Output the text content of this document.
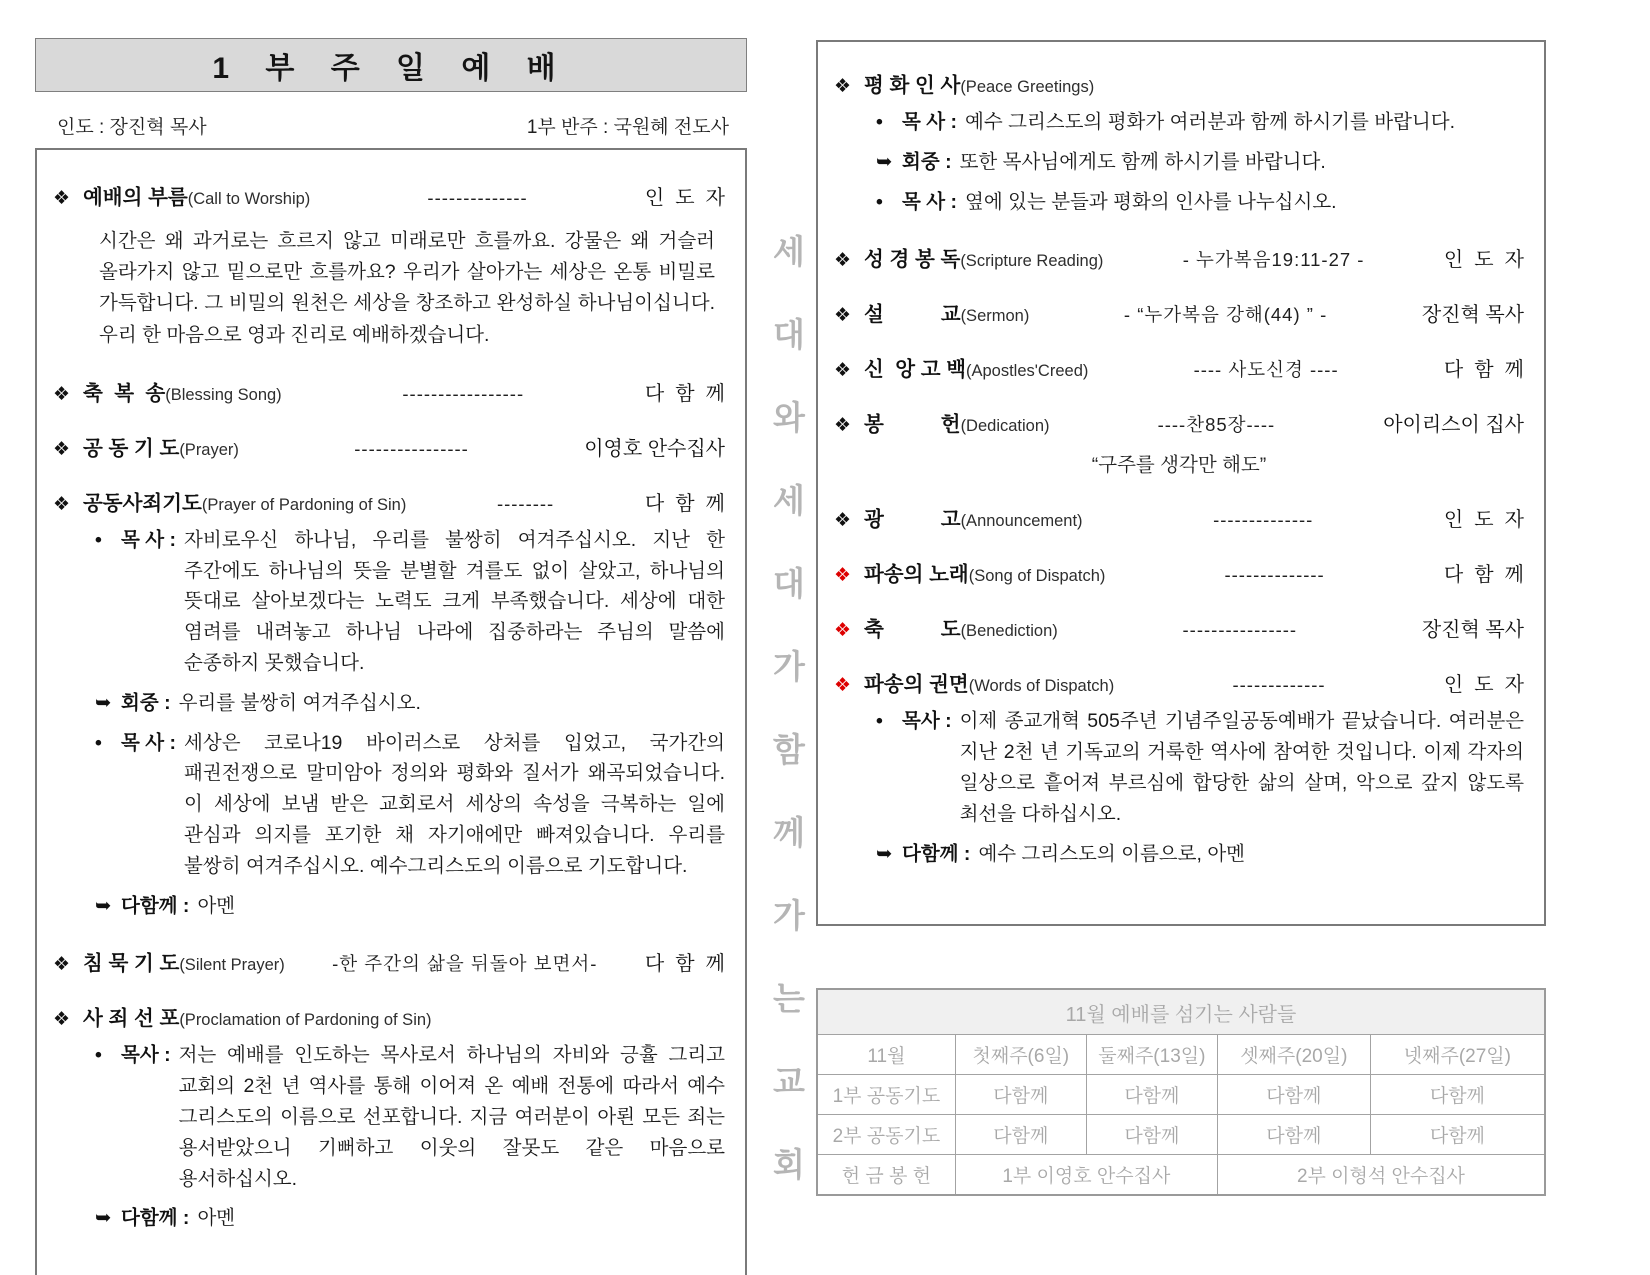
1 부 주 일 예 배
인도 : 장진혁 목사	1부 반주 : 국원혜 전도사
❖ 예배의 부름 (Call to Worship)	--------------	인  도  자
시간은 왜 과거로는 흐르지 않고 미래로만 흐를까요. 강물은 왜 거슬러 올라가지 않고 밑으로만 흐를까요? 우리가 살아가는 세상은 온통 비밀로 가득합니다. 그 비밀의 원천은 세상을 창조하고 완성하실 하나님이십니다. 우리 한 마음으로 영과 진리로 예배하겠습니다.
❖ 축  복  송 (Blessing Song)	-----------------	다  함  께
❖ 공 동 기 도 (Prayer)	----------------	이영호 안수집사
❖ 공동사죄기도 (Prayer of Pardoning of Sin)	--------	다  함  께
• 목 사 : 자비로우신 하나님, 우리를 불쌍히 여겨주십시오. 지난 한 주간에도 하나님의 뜻을 분별할 겨를도 없이 살았고, 하나님의 뜻대로 살아보겠다는 노력도 크게 부족했습니다. 세상에 대한 염려를 내려놓고 하나님 나라에 집중하라는 주님의 말씀에 순종하지 못했습니다.
➥ 회중 : 우리를 불쌍히 여겨주십시오.
• 목 사 : 세상은 코로나19 바이러스로 상처를 입었고, 국가간의 패권전쟁으로 말미암아 정의와 평화와 질서가 왜곡되었습니다. 이 세상에 보냄 받은 교회로서 세상의 속성을 극복하는 일에 관심과 의지를 포기한 채 자기애에만 빠져있습니다. 우리를 불쌍히 여겨주십시오. 예수그리스도의 이름으로 기도합니다.
➥ 다함께 : 아멘
❖ 침 묵 기 도 (Silent Prayer)	-한 주간의 삶을 뒤돌아 보면서-	다  함  께
❖ 사 죄 선 포 (Proclamation of Pardoning of Sin)
• 목사 : 저는 예배를 인도하는 목사로서 하나님의 자비와 긍휼 그리고 교회의 2천 년 역사를 통해 이어져 온 예배 전통에 따라서 예수 그리스도의 이름으로 선포합니다. 지금 여러분이 아뢴 모든 죄는 용서받았으니 기뻐하고 이웃의 잘못도 같은 마음으로 용서하십시오.
➥ 다함께 : 아멘
세
대
와
세
대
가
함
께
가
는
교
회
❖ 평 화 인 사 (Peace Greetings)
• 목 사 : 예수 그리스도의 평화가 여러분과 함께 하시기를 바랍니다.
➥ 회중 : 또한 목사님에게도 함께 하시기를 바랍니다.
• 목 사 : 옆에 있는 분들과 평화의 인사를 나누십시오.
❖ 성 경 봉 독 (Scripture Reading)	- 누가복음19:11-27 -	인  도  자
❖ 설          교 (Sermon)	- “누가복음 강해(44) ” -	장진혁 목사
❖ 신  앙 고 백 (Apostles'Creed)	---- 사도신경 ----	다  함  께
❖ 봉          헌 (Dedication)	----찬85장----	아이리스이 집사
“구주를 생각만 해도”
❖ 광          고 (Announcement)	--------------	인  도  자
❖ 파송의 노래 (Song of Dispatch)	--------------	다  함  께
❖ 축          도 (Benediction)	----------------	장진혁 목사
❖ 파송의 권면 (Words of Dispatch)	-------------	인  도  자
• 목사 : 이제 종교개혁 505주년 기념주일공동예배가 끝났습니다. 여러분은 지난 2천 년 기독교의 거룩한 역사에 참여한 것입니다. 이제 각자의 일상으로 흩어져 부르심에 합당한 삶의 살며, 악으로 갚지 않도록 최선을 다하십시오.
➥ 다함께 : 예수 그리스도의 이름으로, 아멘
11월 예배를 섬기는 사람들				
11월	첫째주(6일)	둘째주(13일)	셋째주(20일)	넷째주(27일)
1부 공동기도	다함께	다함께	다함께	다함께
2부 공동기도	다함께	다함께	다함께	다함께
헌 금 봉 헌	1부 이영호 안수집사		2부 이형석 안수집사	
